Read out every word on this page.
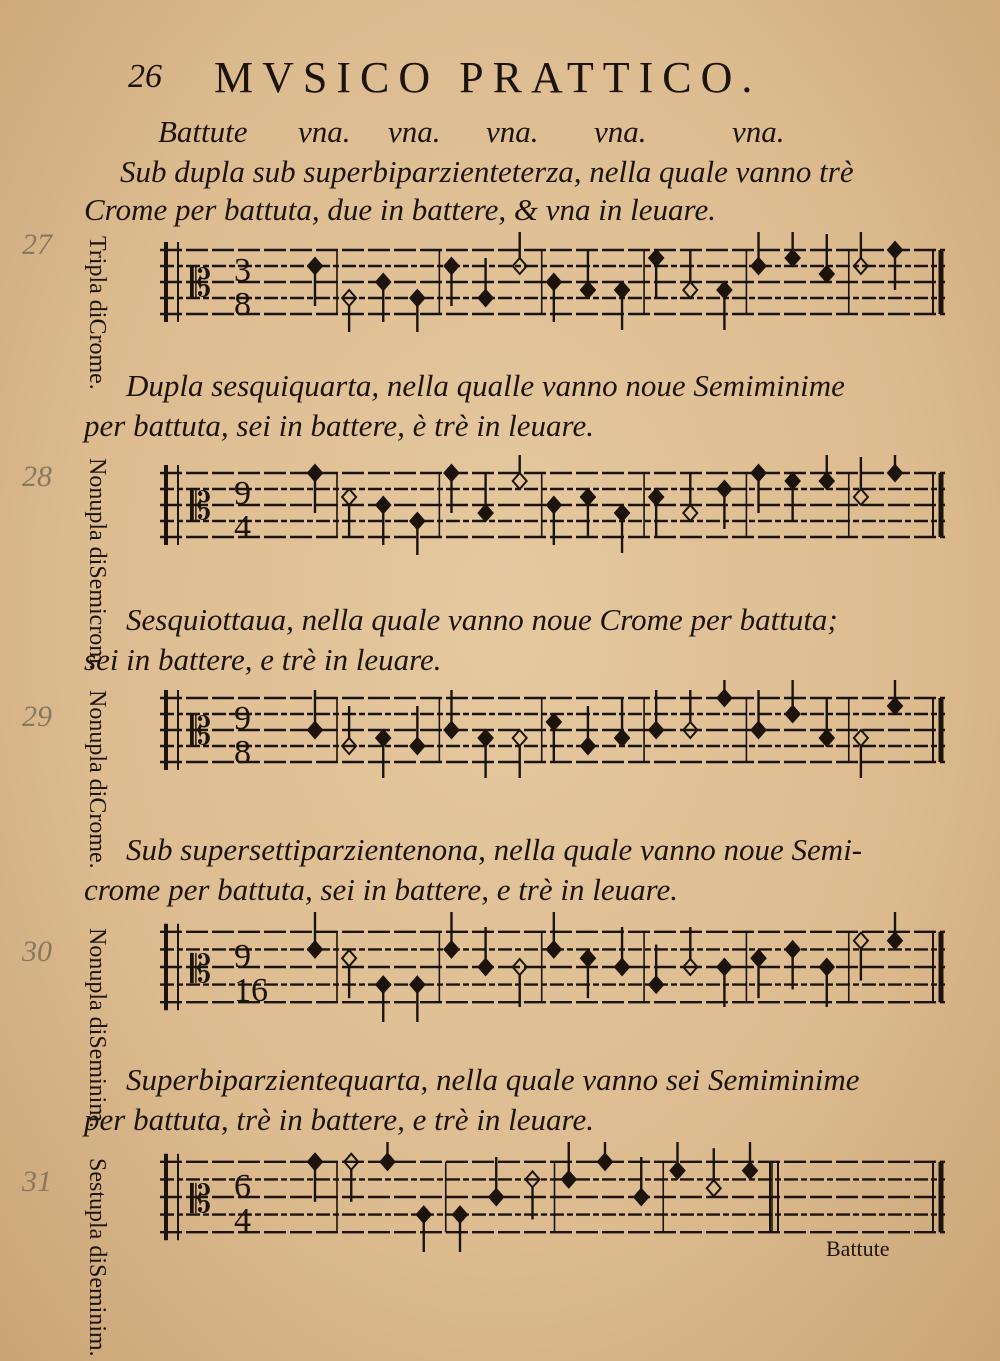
26 MVSICO PRATTICO.
Battute vna. vna. vna. vna.	vna.
Sub dupla sub superbiparzienteterza, nella quale vanno trè
Crome per battuta, due in battere, & vna in leuare.
27 Tripla diCrome.
𝄡 3
8
Dupla sesquiquarta, nella qualle vanno noue Semiminime
per battuta, sei in battere, è trè in leuare.
28 Nonupla diSemicrom.
𝄡 9
4
Sesquiottaua, nella quale vanno noue Crome per battuta;
sei in battere, e trè in leuare.
29 Nonupla diCrome.
𝄡 9
8
Sub supersettiparzientenona, nella quale vanno noue Semi-
crome per battuta, sei in battere, e trè in leuare.
30 Nonupla diSeminim.
𝄡 9
16
Superbiparzientequarta, nella quale vanno sei Semiminime
per battuta, trè in battere, e trè in leuare.
31 Sestupla diSeminim.
𝄡 6
4
Battute
